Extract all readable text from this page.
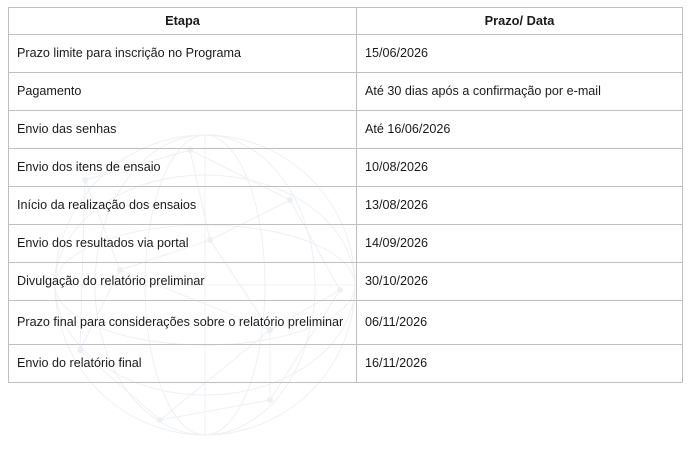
Etapa	Prazo/ Data
Prazo limite para inscrição no Programa	15/06/2026
Pagamento	Até 30 dias após a confirmação por e-mail
Envio das senhas	Até 16/06/2026
Envio dos itens de ensaio	10/08/2026
Início da realização dos ensaios	13/08/2026
Envio dos resultados via portal	14/09/2026
Divulgação do relatório preliminar	30/10/2026
Prazo final para considerações sobre o relatório preliminar	06/11/2026
Envio do relatório final	16/11/2026
